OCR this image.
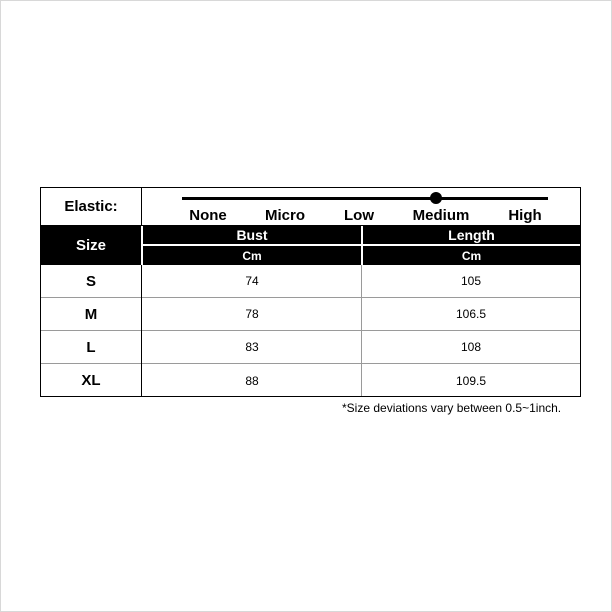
Elastic:
None	Micro	Low	Medium	High
Size
Bust	Length
Cm	Cm
S	74	105
M	78	106.5
L	83	108
XL	88	109.5
*Size deviations vary between 0.5~1inch.
